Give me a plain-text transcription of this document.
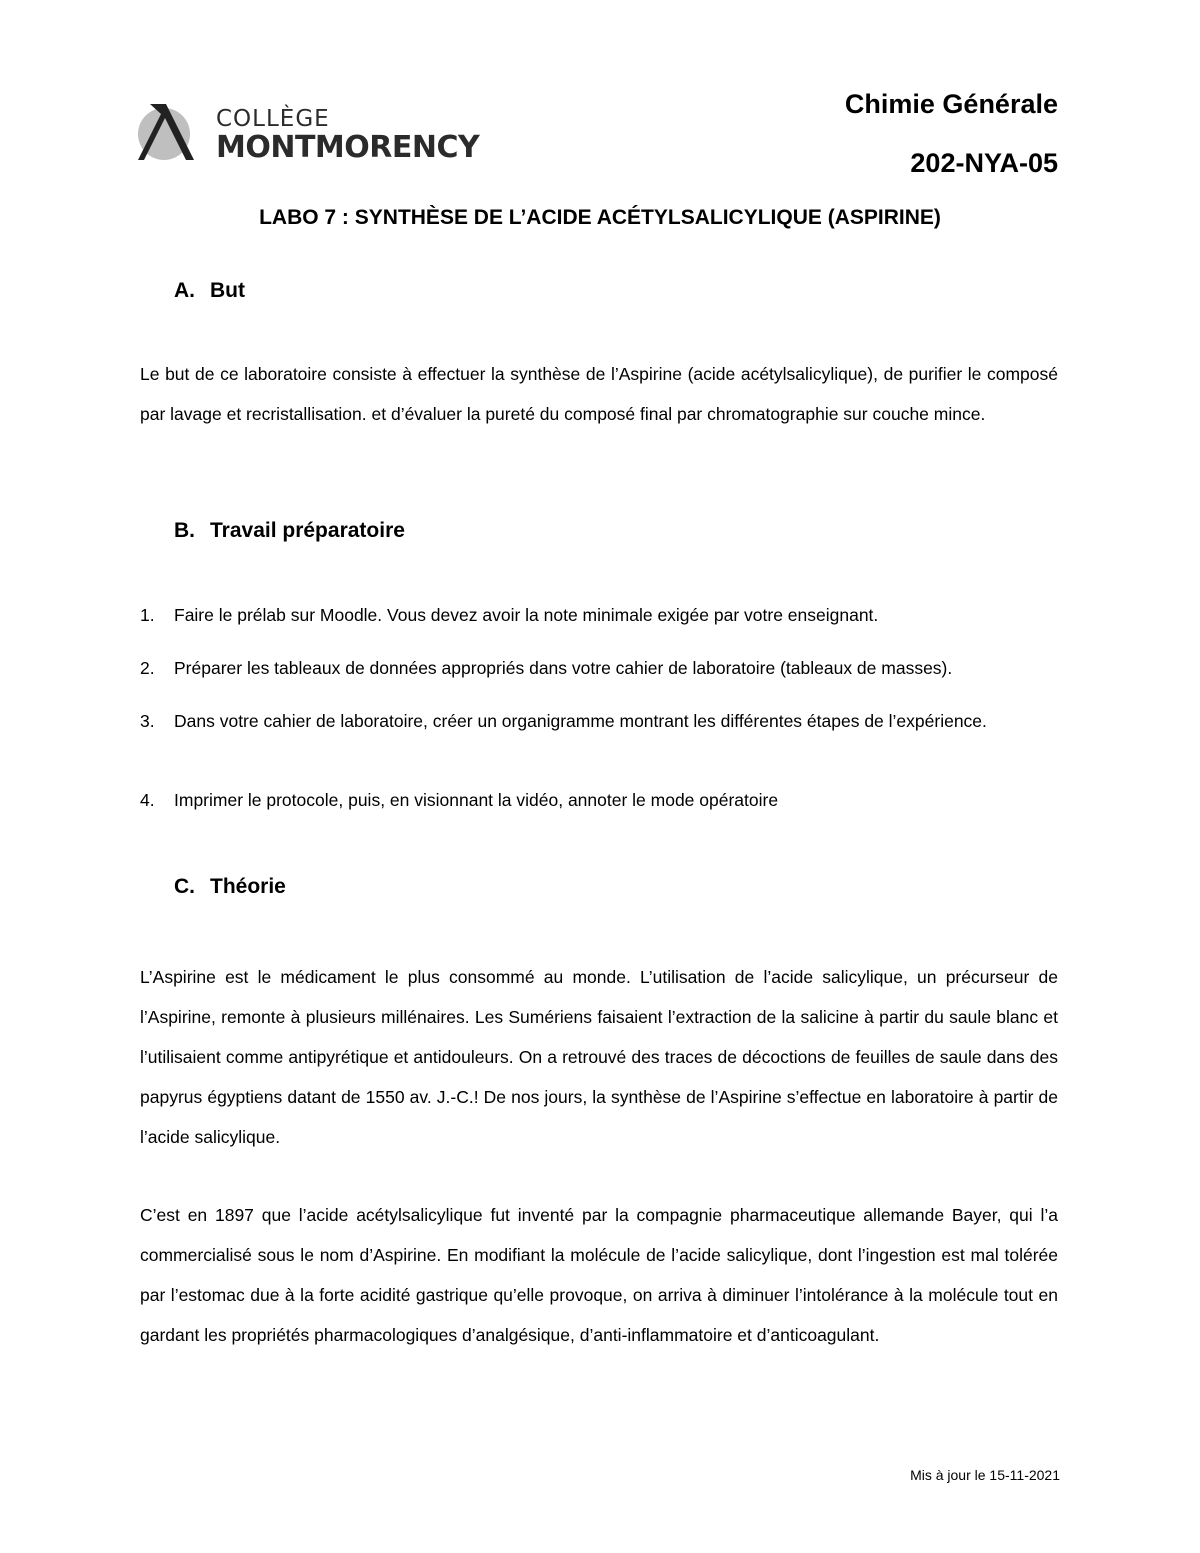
COLLÈGE
MONTMORENCY
Chimie Générale
202-NYA-05
LABO 7 : SYNTHÈSE DE L’ACIDE ACÉTYLSALICYLIQUE (ASPIRINE)
A. But

Le but de ce laboratoire consiste à effectuer la synthèse de l’Aspirine (acide acétylsalicylique), de purifier le composé par lavage et recristallisation. et d’évaluer la pureté du composé final par chromatographie sur couche mince.

B. Travail préparatoire
1.	Faire le prélab sur Moodle. Vous devez avoir la note minimale exigée par votre enseignant.
2.	Préparer les tableaux de données appropriés dans votre cahier de laboratoire (tableaux de masses).
3.	Dans votre cahier de laboratoire, créer un organigramme montrant les différentes étapes de l’expérience.
4.	Imprimer le protocole, puis, en visionnant la vidéo, annoter le mode opératoire
C. Théorie

L’Aspirine est le médicament le plus consommé au monde. L’utilisation de l’acide salicylique, un précurseur de l’Aspirine, remonte à plusieurs millénaires. Les Sumériens faisaient l’extraction de la salicine à partir du saule blanc et l’utilisaient comme antipyrétique et antidouleurs. On a retrouvé des traces de décoctions de feuilles de saule dans des papyrus égyptiens datant de 1550 av. J.-C.! De nos jours, la synthèse de l’Aspirine s’effectue en laboratoire à partir de l’acide salicylique.

C’est en 1897 que l’acide acétylsalicylique fut inventé par la compagnie pharmaceutique allemande Bayer, qui l’a commercialisé sous le nom d’Aspirine. En modifiant la molécule de l’acide salicylique, dont l’ingestion est mal tolérée par l’estomac due à la forte acidité gastrique qu’elle provoque, on arriva à diminuer l’intolérance à la molécule tout en gardant les propriétés pharmacologiques d’analgésique, d’anti-inflammatoire et d’anticoagulant.

Mis à jour le 15-11-2021
